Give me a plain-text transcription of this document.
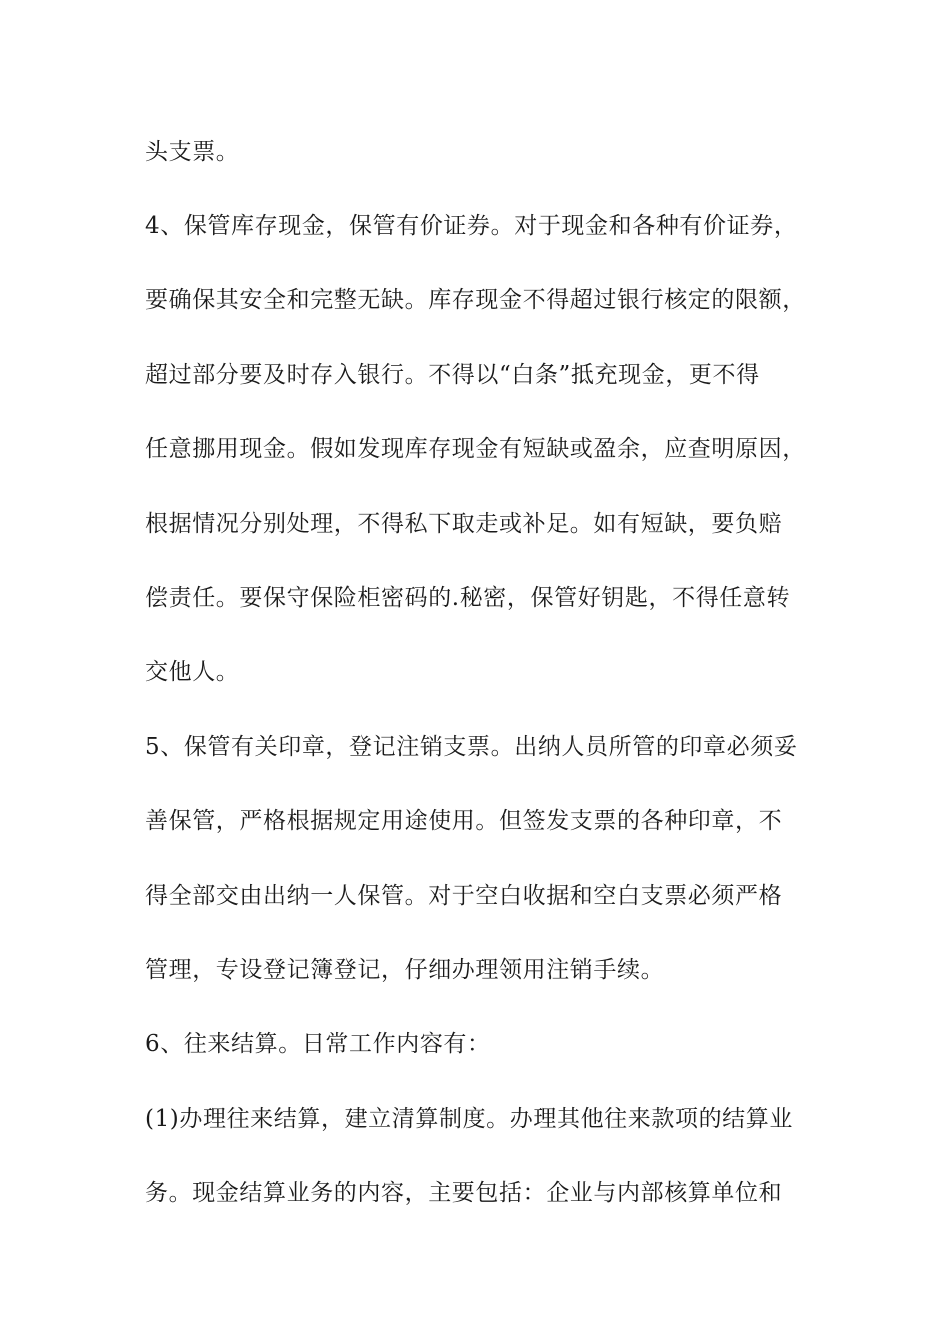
头支票。

4、保管库存现金，保管有价证券。对于现金和各种有价证券，

要确保其安全和完整无缺。库存现金不得超过银行核定的限额，

超过部分要及时存入银行。不得以“白条”抵充现金，更不得

任意挪用现金。假如发现库存现金有短缺或盈余，应查明原因，

根据情况分别处理，不得私下取走或补足。如有短缺，要负赔

偿责任。要保守保险柜密码的.秘密，保管好钥匙，不得任意转

交他人。

5、保管有关印章，登记注销支票。出纳人员所管的印章必须妥

善保管，严格根据规定用途使用。但签发支票的各种印章，不

得全部交由出纳一人保管。对于空白收据和空白支票必须严格

管理，专设登记簿登记，仔细办理领用注销手续。

6、往来结算。日常工作内容有：

(1)办理往来结算，建立清算制度。办理其他往来款项的结算业

务。现金结算业务的内容，主要包括：企业与内部核算单位和
